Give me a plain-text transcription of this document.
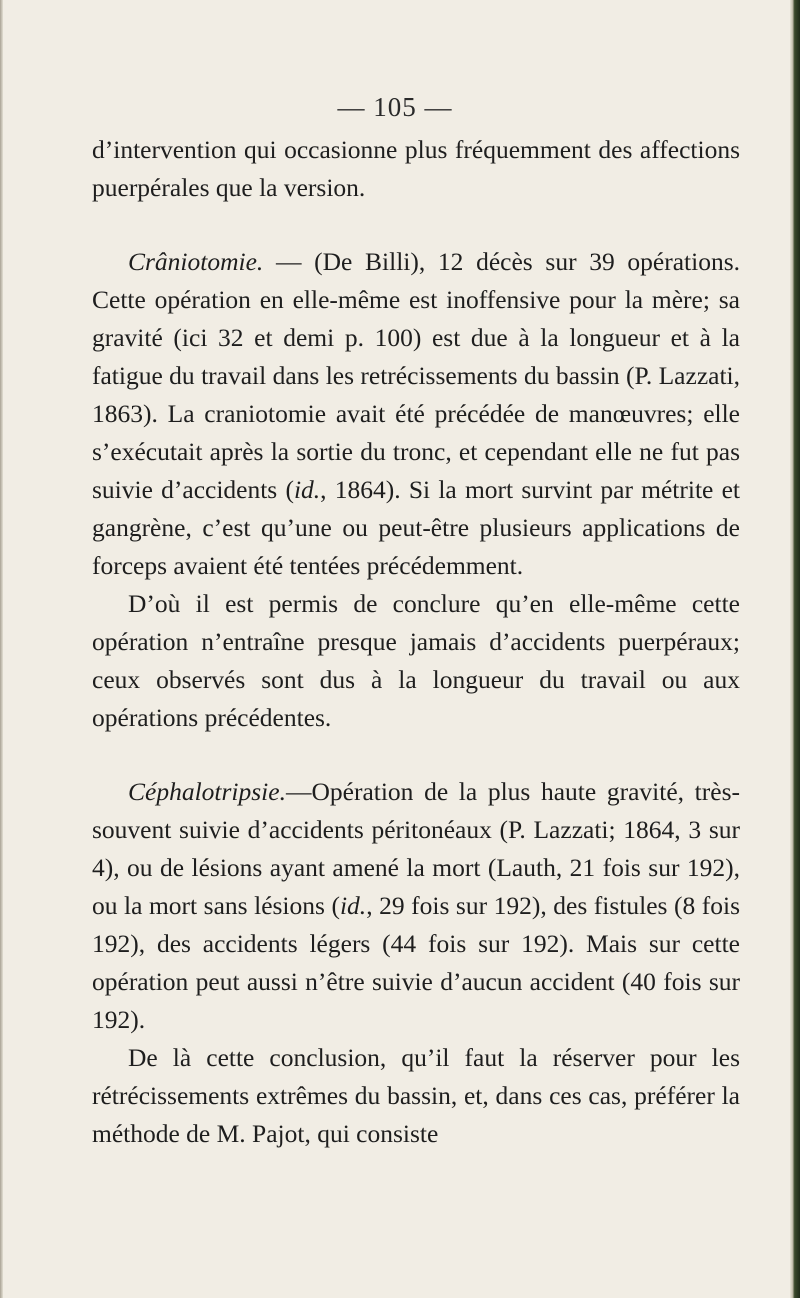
— 105 —

d’intervention qui occasionne plus fréquemment des affections puerpérales que la version.

Crâniotomie. — (De Billi), 12 décès sur 39 opérations. Cette opération en elle-même est inoffensive pour la mère; sa gravité (ici 32 et demi p. 100) est due à la longueur et à la fatigue du travail dans les retrécissements du bassin (P. Lazzati, 1863). La craniotomie avait été précédée de manœuvres; elle s’exécutait après la sortie du tronc, et cependant elle ne fut pas suivie d’accidents (id., 1864). Si la mort survint par métrite et gangrène, c’est qu’une ou peut-être plusieurs applications de forceps avaient été tentées précédemment.

D’où il est permis de conclure qu’en elle-même cette opération n’entraîne presque jamais d’accidents puerpéraux; ceux observés sont dus à la longueur du travail ou aux opérations précédentes.

Céphalotripsie.—Opération de la plus haute gravité, très-souvent suivie d’accidents péritonéaux (P. Lazzati; 1864, 3 sur 4), ou de lésions ayant amené la mort (Lauth, 21 fois sur 192), ou la mort sans lésions (id., 29 fois sur 192), des fistules (8 fois 192), des accidents légers (44 fois sur 192). Mais sur cette opération peut aussi n’être suivie d’aucun accident (40 fois sur 192).

De là cette conclusion, qu’il faut la réserver pour les rétrécissements extrêmes du bassin, et, dans ces cas, préférer la méthode de M. Pajot, qui consiste
